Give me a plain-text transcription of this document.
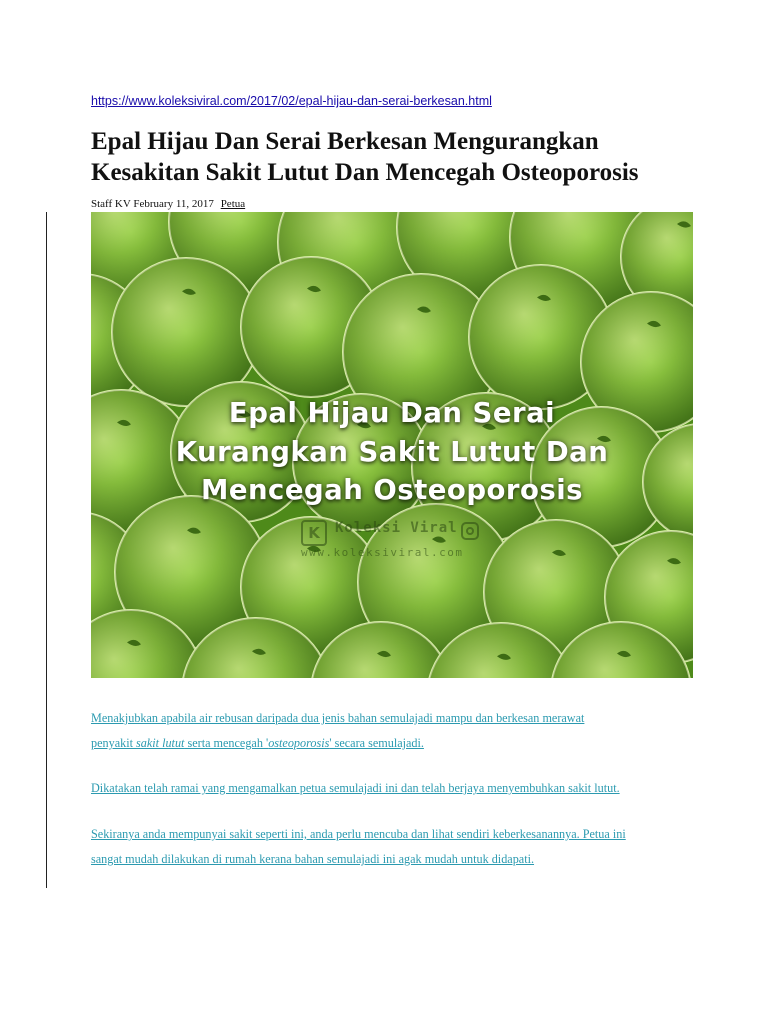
https://www.koleksiviral.com/2017/02/epal-hijau-dan-serai-berkesan.html
Epal Hijau Dan Serai Berkesan Mengurangkan
Kesakitan Sakit Lutut Dan Mencegah Osteoporosis
Staff KV February 11, 2017 Petua
Epal Hijau Dan Serai
Kurangkan Sakit Lutut Dan
Mencegah Osteoporosis
K	Koleksi Viral
www.koleksiviral.com

Menakjubkan apabila air rebusan daripada dua jenis bahan semulajadi mampu dan berkesan merawat
penyakit sakit lutut serta mencegah 'osteoporosis' secara semulajadi.

Dikatakan telah ramai yang mengamalkan petua semulajadi ini dan telah berjaya menyembuhkan sakit lutut.

Sekiranya anda mempunyai sakit seperti ini, anda perlu mencuba dan lihat sendiri keberkesanannya. Petua ini
sangat mudah dilakukan di rumah kerana bahan semulajadi ini agak mudah untuk didapati.
